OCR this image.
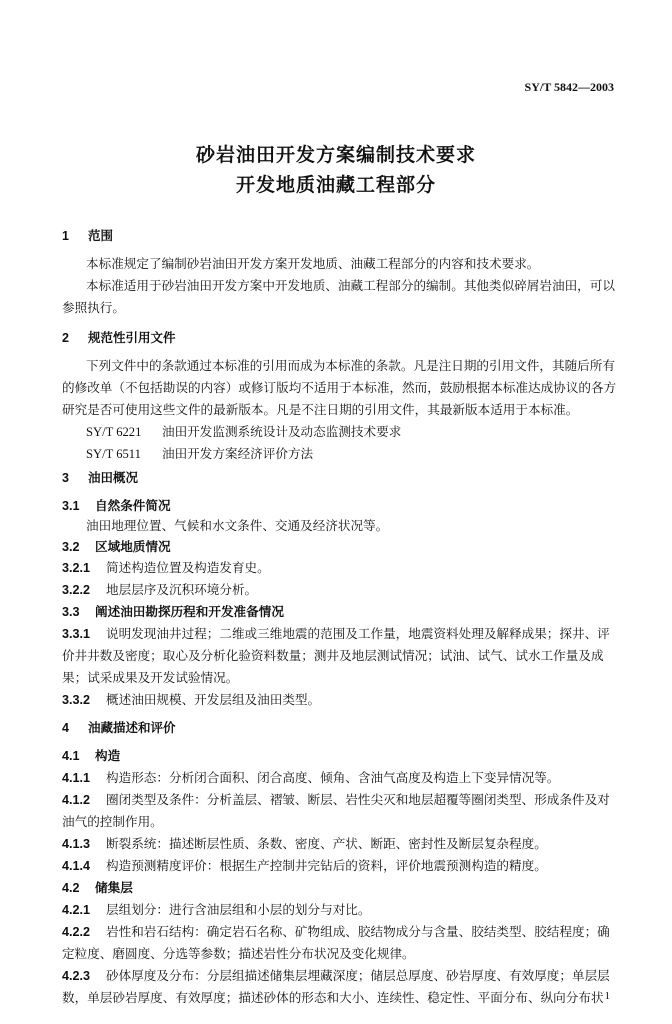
SY/T 5842—2003
砂岩油田开发方案编制技术要求
开发地质油藏工程部分
1 范围
本标准规定了编制砂岩油田开发方案开发地质、油藏工程部分的内容和技术要求。
本标准适用于砂岩油田开发方案中开发地质、油藏工程部分的编制。其他类似碎屑岩油田，可以
参照执行。
2 规范性引用文件
下列文件中的条款通过本标准的引用而成为本标准的条款。凡是注日期的引用文件，其随后所有
的修改单（不包括勘误的内容）或修订版均不适用于本标准，然而，鼓励根据本标准达成协议的各方
研究是否可使用这些文件的最新版本。凡是不注日期的引用文件，其最新版本适用于本标准。
SY/T 6221 油田开发监测系统设计及动态监测技术要求
SY/T 6511 油田开发方案经济评价方法
3 油田概况
3.1 自然条件简况
油田地理位置、气候和水文条件、交通及经济状况等。
3.2 区域地质情况
3.2.1 简述构造位置及构造发育史。
3.2.2 地层层序及沉积环境分析。
3.3 阐述油田勘探历程和开发准备情况
3.3.1 说明发现油井过程；二维或三维地震的范围及工作量，地震资料处理及解释成果；探井、评
价井井数及密度；取心及分析化验资料数量；测井及地层测试情况；试油、试气、试水工作量及成
果；试采成果及开发试验情况。
3.3.2 概述油田规模、开发层组及油田类型。
4 油藏描述和评价
4.1 构造
4.1.1 构造形态：分析闭合面积、闭合高度、倾角、含油气高度及构造上下变异情况等。
4.1.2 圈闭类型及条件：分析盖层、褶皱、断层、岩性尖灭和地层超覆等圈闭类型、形成条件及对
油气的控制作用。
4.1.3 断裂系统：描述断层性质、条数、密度、产状、断距、密封性及断层复杂程度。
4.1.4 构造预测精度评价：根据生产控制井完钻后的资料，评价地震预测构造的精度。
4.2 储集层
4.2.1 层组划分：进行含油层组和小层的划分与对比。
4.2.2 岩性和岩石结构：确定岩石名称、矿物组成、胶结物成分与含量、胶结类型、胶结程度；确
定粒度、磨圆度、分选等参数；描述岩性分布状况及变化规律。
4.2.3 砂体厚度及分布：分层组描述储集层埋藏深度；储层总厚度、砂岩厚度、有效厚度；单层层
数，单层砂岩厚度、有效厚度；描述砂体的形态和大小、连续性、稳定性、平面分布、纵向分布状 1
